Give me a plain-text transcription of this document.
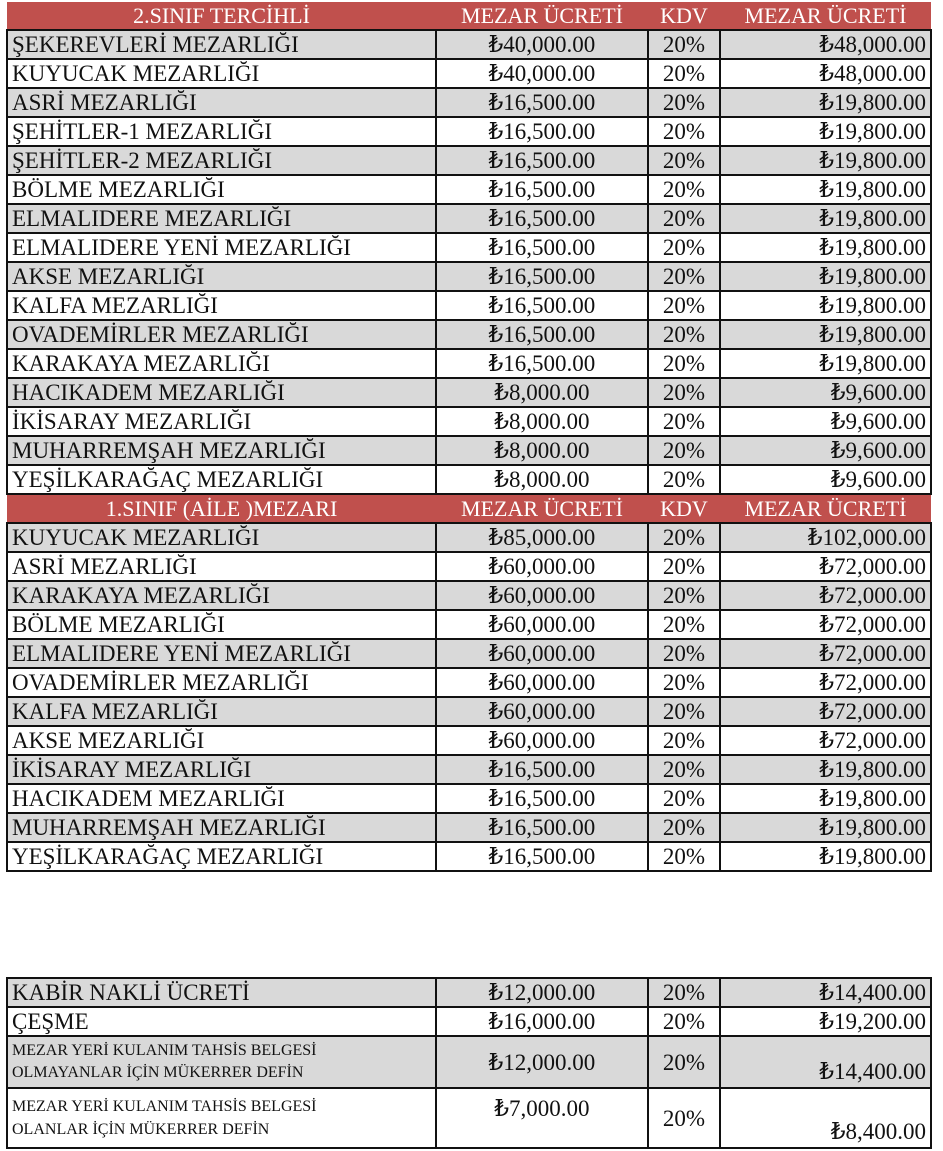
2.SINIF TERCİHLİ	MEZAR ÜCRETİ	KDV	MEZAR ÜCRETİ
ŞEKEREVLERİ MEZARLIĞI	₺40,000.00	20%	₺48,000.00
KUYUCAK MEZARLIĞI	₺40,000.00	20%	₺48,000.00
ASRİ MEZARLIĞI	₺16,500.00	20%	₺19,800.00
ŞEHİTLER-1 MEZARLIĞI	₺16,500.00	20%	₺19,800.00
ŞEHİTLER-2 MEZARLIĞI	₺16,500.00	20%	₺19,800.00
BÖLME MEZARLIĞI	₺16,500.00	20%	₺19,800.00
ELMALIDERE MEZARLIĞI	₺16,500.00	20%	₺19,800.00
ELMALIDERE YENİ MEZARLIĞI	₺16,500.00	20%	₺19,800.00
AKSE MEZARLIĞI	₺16,500.00	20%	₺19,800.00
KALFA MEZARLIĞI	₺16,500.00	20%	₺19,800.00
OVADEMİRLER MEZARLIĞI	₺16,500.00	20%	₺19,800.00
KARAKAYA MEZARLIĞI	₺16,500.00	20%	₺19,800.00
HACIKADEM MEZARLIĞI	₺8,000.00	20%	₺9,600.00
İKİSARAY MEZARLIĞI	₺8,000.00	20%	₺9,600.00
MUHARREMŞAH MEZARLIĞI	₺8,000.00	20%	₺9,600.00
YEŞİLKARAĞAÇ MEZARLIĞI	₺8,000.00	20%	₺9,600.00
1.SINIF (AİLE )MEZARI	MEZAR ÜCRETİ	KDV	MEZAR ÜCRETİ
KUYUCAK MEZARLIĞI	₺85,000.00	20%	₺102,000.00
ASRİ MEZARLIĞI	₺60,000.00	20%	₺72,000.00
KARAKAYA MEZARLIĞI	₺60,000.00	20%	₺72,000.00
BÖLME MEZARLIĞI	₺60,000.00	20%	₺72,000.00
ELMALIDERE YENİ MEZARLIĞI	₺60,000.00	20%	₺72,000.00
OVADEMİRLER MEZARLIĞI	₺60,000.00	20%	₺72,000.00
KALFA MEZARLIĞI	₺60,000.00	20%	₺72,000.00
AKSE MEZARLIĞI	₺60,000.00	20%	₺72,000.00
İKİSARAY MEZARLIĞI	₺16,500.00	20%	₺19,800.00
HACIKADEM MEZARLIĞI	₺16,500.00	20%	₺19,800.00
MUHARREMŞAH MEZARLIĞI	₺16,500.00	20%	₺19,800.00
YEŞİLKARAĞAÇ MEZARLIĞI	₺16,500.00	20%	₺19,800.00
KABİR NAKLİ ÜCRETİ	₺12,000.00	20%	₺14,400.00
ÇEŞME	₺16,000.00	20%	₺19,200.00

MEZAR YERİ KULANIM TAHSİS BELGESİ
OLMAYANLAR İÇİN MÜKERRER DEFİN	₺12,000.00	20%	₺14,400.00

MEZAR YERİ KULANIM TAHSİS BELGESİ
OLANLAR İÇİN MÜKERRER DEFİN	₺7,000.00	20%	₺8,400.00
